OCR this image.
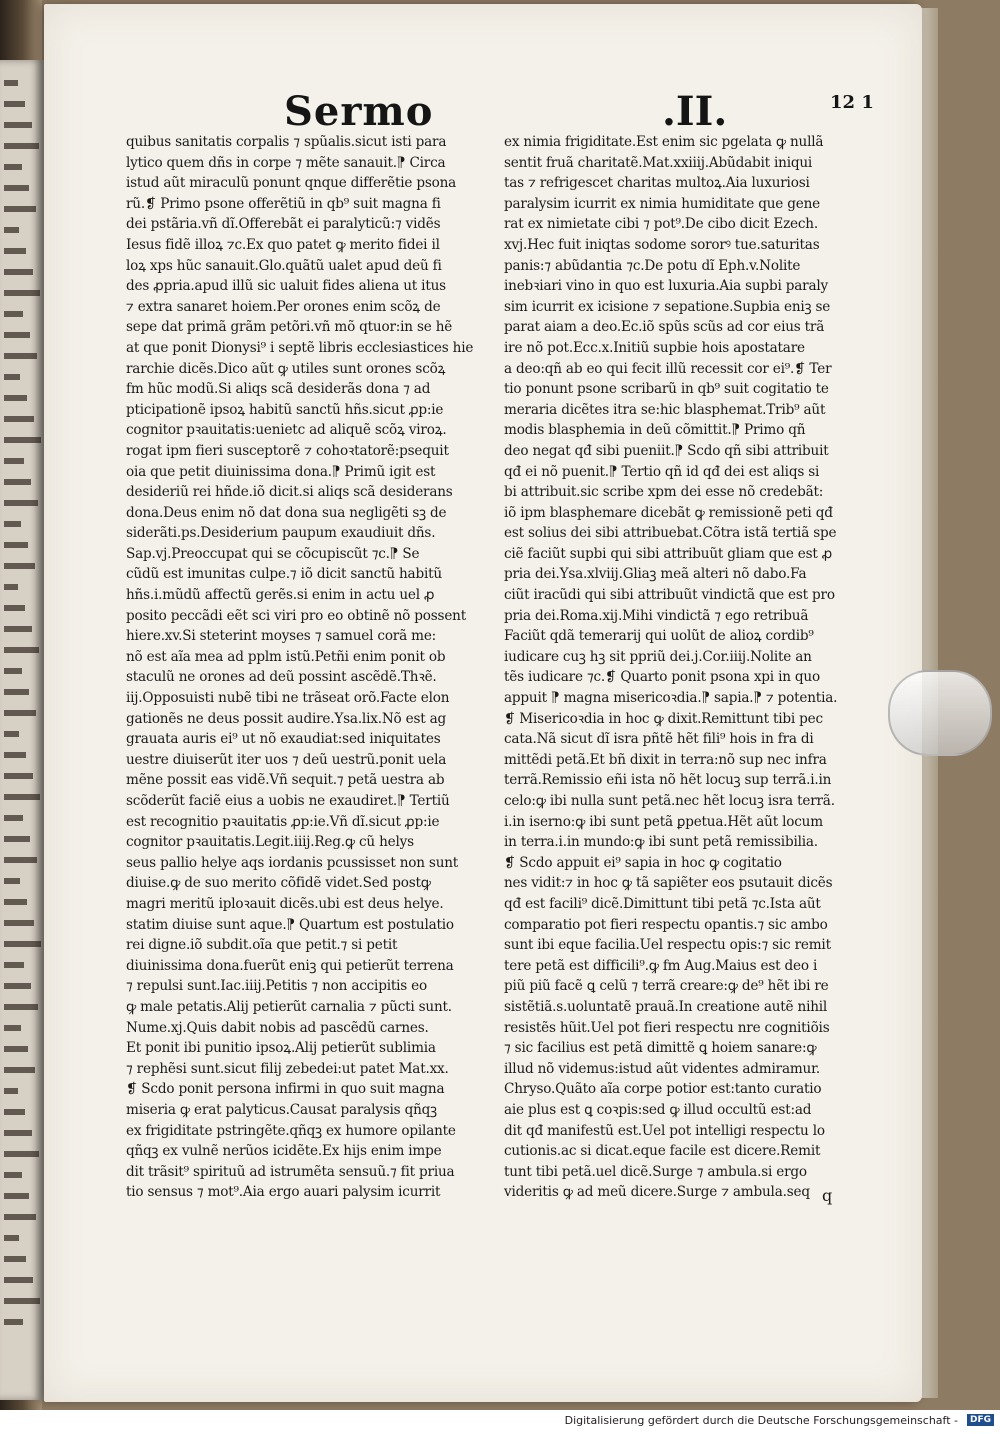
Sermo	.II.	12 1
quibus sanitatis corpalis ⁊ spũalis.sicut isti para
lytico quem dñs in corpe ⁊ mẽte sanauit.⁋ Circa
istud aũt miraculũ ponunt qnque differẽtie psona
rũ.❡ Primo psone offerẽtiũ in qb⁹ suit magna fi
dei pstãria.vñ dĩ.Offerebãt ei paralyticũ:⁊ vidẽs
Iesus fidẽ illoꝝ ⁊c.Ex quo patet ꝙ merito fidei il
loꝝ xps hũc sanauit.Glo.quãtũ ualet apud deũ fi
des ꝓpria.apud illũ sic ualuit fides aliena ut itus
⁊ extra sanaret hoiem.Per orones enim scõꝝ de
sepe dat primã grãm petõri.vñ mõ qtuor:in se hẽ
at que ponit Dionysi⁹ i septẽ libris ecclesiastices hie
rarchie dicẽs.Dico aũt ꝙ utiles sunt orones scõꝝ
fm hũc modũ.Si aliqs scã desiderãs dona ⁊ ad
pticipationẽ ipsoꝝ habitũ sanctũ hñs.sicut ꝓp:ie
cognitor pꝛauitatis:uenietc ad aliquẽ scõꝝ viroꝝ.
rogat ipm fieri susceptorẽ ⁊ cohoꝛtatorẽ:psequit
oia que petit diuinissima dona.⁋ Primũ igit est
desideriũ rei hñde.iõ dicit.si aliqs scã desiderans
dona.Deus enim nõ dat dona sua negligẽti sꝫ de
siderãti.ps.Desiderium paupum exaudiuit dñs.
Sap.vj.Preoccupat qui se cõcupiscũt ⁊c.⁋ Se
cũdũ est imunitas culpe.⁊ iõ dicit sanctũ habitũ
hñs.i.mũdũ affectũ gerẽs.si enim in actu uel ꝓ
posito peccãdi eẽt sci viri pro eo obtinẽ nõ possent
hiere.xv.Si steterint moyses ⁊ samuel corã me:
nõ est aĩa mea ad pplm istũ.Petñi enim ponit ob
staculũ ne orones ad deũ possint ascẽdẽ.Thꝛẽ.
iij.Opposuisti nubẽ tibi ne trãseat orõ.Facte elon
gationẽs ne deus possit audire.Ysa.lix.Nõ est ag
grauata auris ei⁹ ut nõ exaudiat:sed iniquitates
uestre diuiserũt iter uos ⁊ deũ uestrũ.ponit uela
mẽne possit eas vidẽ.Vñ sequit.⁊ petã uestra ab
scõderũt faciẽ eius a uobis ne exaudiret.⁋ Tertiũ
est recognitio pꝛauitatis ꝓp:ie.Vñ dĩ.sicut ꝓp:ie
cognitor pꝛauitatis.Legit.iiij.Reg.ꝙ cũ helys
seus pallio helye aqs iordanis pcussisset non sunt
diuise.ꝙ de suo merito cõfidẽ videt.Sed postꝙ
magri meritũ iploꝛauit dicẽs.ubi est deus helye.
statim diuise sunt aque.⁋ Quartum est postulatio
rei digne.iõ subdit.oĩa que petit.⁊ si petit
diuinissima dona.fuerũt eniꝫ qui petierũt terrena
⁊ repulsi sunt.Iac.iiij.Petitis ⁊ non accipitis eo
ꝙ male petatis.Alij petierũt carnalia ⁊ pũcti sunt.
Nume.xj.Quis dabit nobis ad pascẽdũ carnes.
Et ponit ibi punitio ipsoꝝ.Alij petierũt sublimia
⁊ rephẽsi sunt.sicut filij zebedei:ut patet Mat.xx.
❡ Scdo ponit persona infirmi in quo suit magna
miseria ꝙ erat palyticus.Causat paralysis qñqꝫ
ex frigiditate pstringẽte.qñqꝫ ex humore opilante
qñqꝫ ex vulnẽ nerũos icidẽte.Ex hijs enim impe
dit trãsit⁹ spirituũ ad istrumẽta sensuũ.⁊ fit priua
tio sensus ⁊ mot⁹.Aia ergo auari palysim icurrit
ex nimia frigiditate.Est enim sic pgelata ꝙ nullã
sentit fruã charitatẽ.Mat.xxiiij.Abũdabit iniqui
tas ⁊ refrigescet charitas multoꝝ.Aia luxuriosi
paralysim icurrit ex nimia humiditate que gene
rat ex nimietate cibi ⁊ pot⁹.De cibo dicit Ezech.
xvj.Hec fuit iniqtas sodome sororꝰ tue.saturitas
panis:⁊ abũdantia ⁊c.De potu dĩ Eph.v.Nolite
inebꝛiari vino in quo est luxuria.Aia supbi paraly
sim icurrit ex icisione ⁊ sepatione.Supbia eniꝫ se
parat aiam a deo.Ec.iõ spũs scũs ad cor eius trã
ire nõ pot.Ecc.x.Initiũ supbie hois apostatare
a deo:qñ ab eo qui fecit illũ recessit cor ei⁹.❡ Ter
tio ponunt psone scribarũ in qb⁹ suit cogitatio te
meraria dicẽtes itra se:hic blasphemat.Trib⁹ aũt
modis blasphemia in deũ cõmittit.⁋ Primo qñ
deo negat qđ sibi pueniit.⁋ Scdo qñ sibi attribuit
qđ ei nõ puenit.⁋ Tertio qñ id qđ dei est aliqs si
bi attribuit.sic scribe xpm dei esse nõ credebãt:
iõ ipm blasphemare dicebãt ꝙ remissionẽ peti qđ
est solius dei sibi attribuebat.Cõtra istã tertiã spe
ciẽ faciũt supbi qui sibi attribuũt gliam que est ꝓ
pria dei.Ysa.xlviij.Gliaꝫ meã alteri nõ dabo.Fa
ciũt iracũdi qui sibi attribuũt vindictã que est pro
pria dei.Roma.xij.Mihi vindictã ⁊ ego retribuã
Faciũt qdã temerarij qui uolũt de alioꝝ cordib⁹
iudicare cuꝫ hꝫ sit ppriũ dei.j.Cor.iiij.Nolite an
tẽs iudicare ⁊c.❡ Quarto ponit psona xpi in quo
appuit ⁋ magna misericoꝛdia.⁋ sapia.⁋ ⁊ potentia.
❡ Misericoꝛdia in hoc ꝙ dixit.Remittunt tibi pec
cata.Nã sicut dĩ isra pñtẽ hẽt fili⁹ hois in fra di
mittẽdi petã.Et bñ dixit in terra:nõ sup nec infra
terrã.Remissio eñi ista nõ hẽt locuꝫ sup terrã.i.in
celo:ꝙ ibi nulla sunt petã.nec hẽt locuꝫ isra terrã.
i.in iserno:ꝙ ibi sunt petã ꝑpetua.Hẽt aũt locum
in terra.i.in mundo:ꝙ ibi sunt petã remissibilia.
❡ Scdo appuit ei⁹ sapia in hoc ꝙ cogitatio
nes vidit:⁊ in hoc ꝙ tã sapiẽter eos psutauit dicẽs
qđ est facili⁹ dicẽ.Dimittunt tibi petã ⁊c.Ista aũt
comparatio pot fieri respectu opantis.⁊ sic ambo
sunt ibi eque facilia.Uel respectu opis:⁊ sic remit
tere petã est difficili⁹.ꝙ fm Aug.Maius est deo i
piũ piũ facẽ ꝗ celũ ⁊ terrã creare:ꝙ de⁹ hẽt ibi re
sistẽtiã.s.uoluntatẽ prauã.In creatione autẽ nihil
resistẽs hũit.Uel pot fieri respectu nre cognitiõis
⁊ sic facilius est petã dimittẽ ꝗ hoiem sanare:ꝙ
illud nõ videmus:istud aũt videntes admiramur.
Chryso.Quãto aĩa corpe potior est:tanto curatio
aie plus est ꝗ coꝛpis:sed ꝙ illud occultũ est:ad
dit qđ manifestũ est.Uel pot intelligi respectu lo
cutionis.ac si dicat.eque facile est dicere.Remit
tunt tibi petã.uel dicẽ.Surge ⁊ ambula.si ergo
videritis ꝙ ad meũ dicere.Surge ⁊ ambula.seq q
Digitalisierung gefördert durch die Deutsche Forschungsgemeinschaft -	DFG
